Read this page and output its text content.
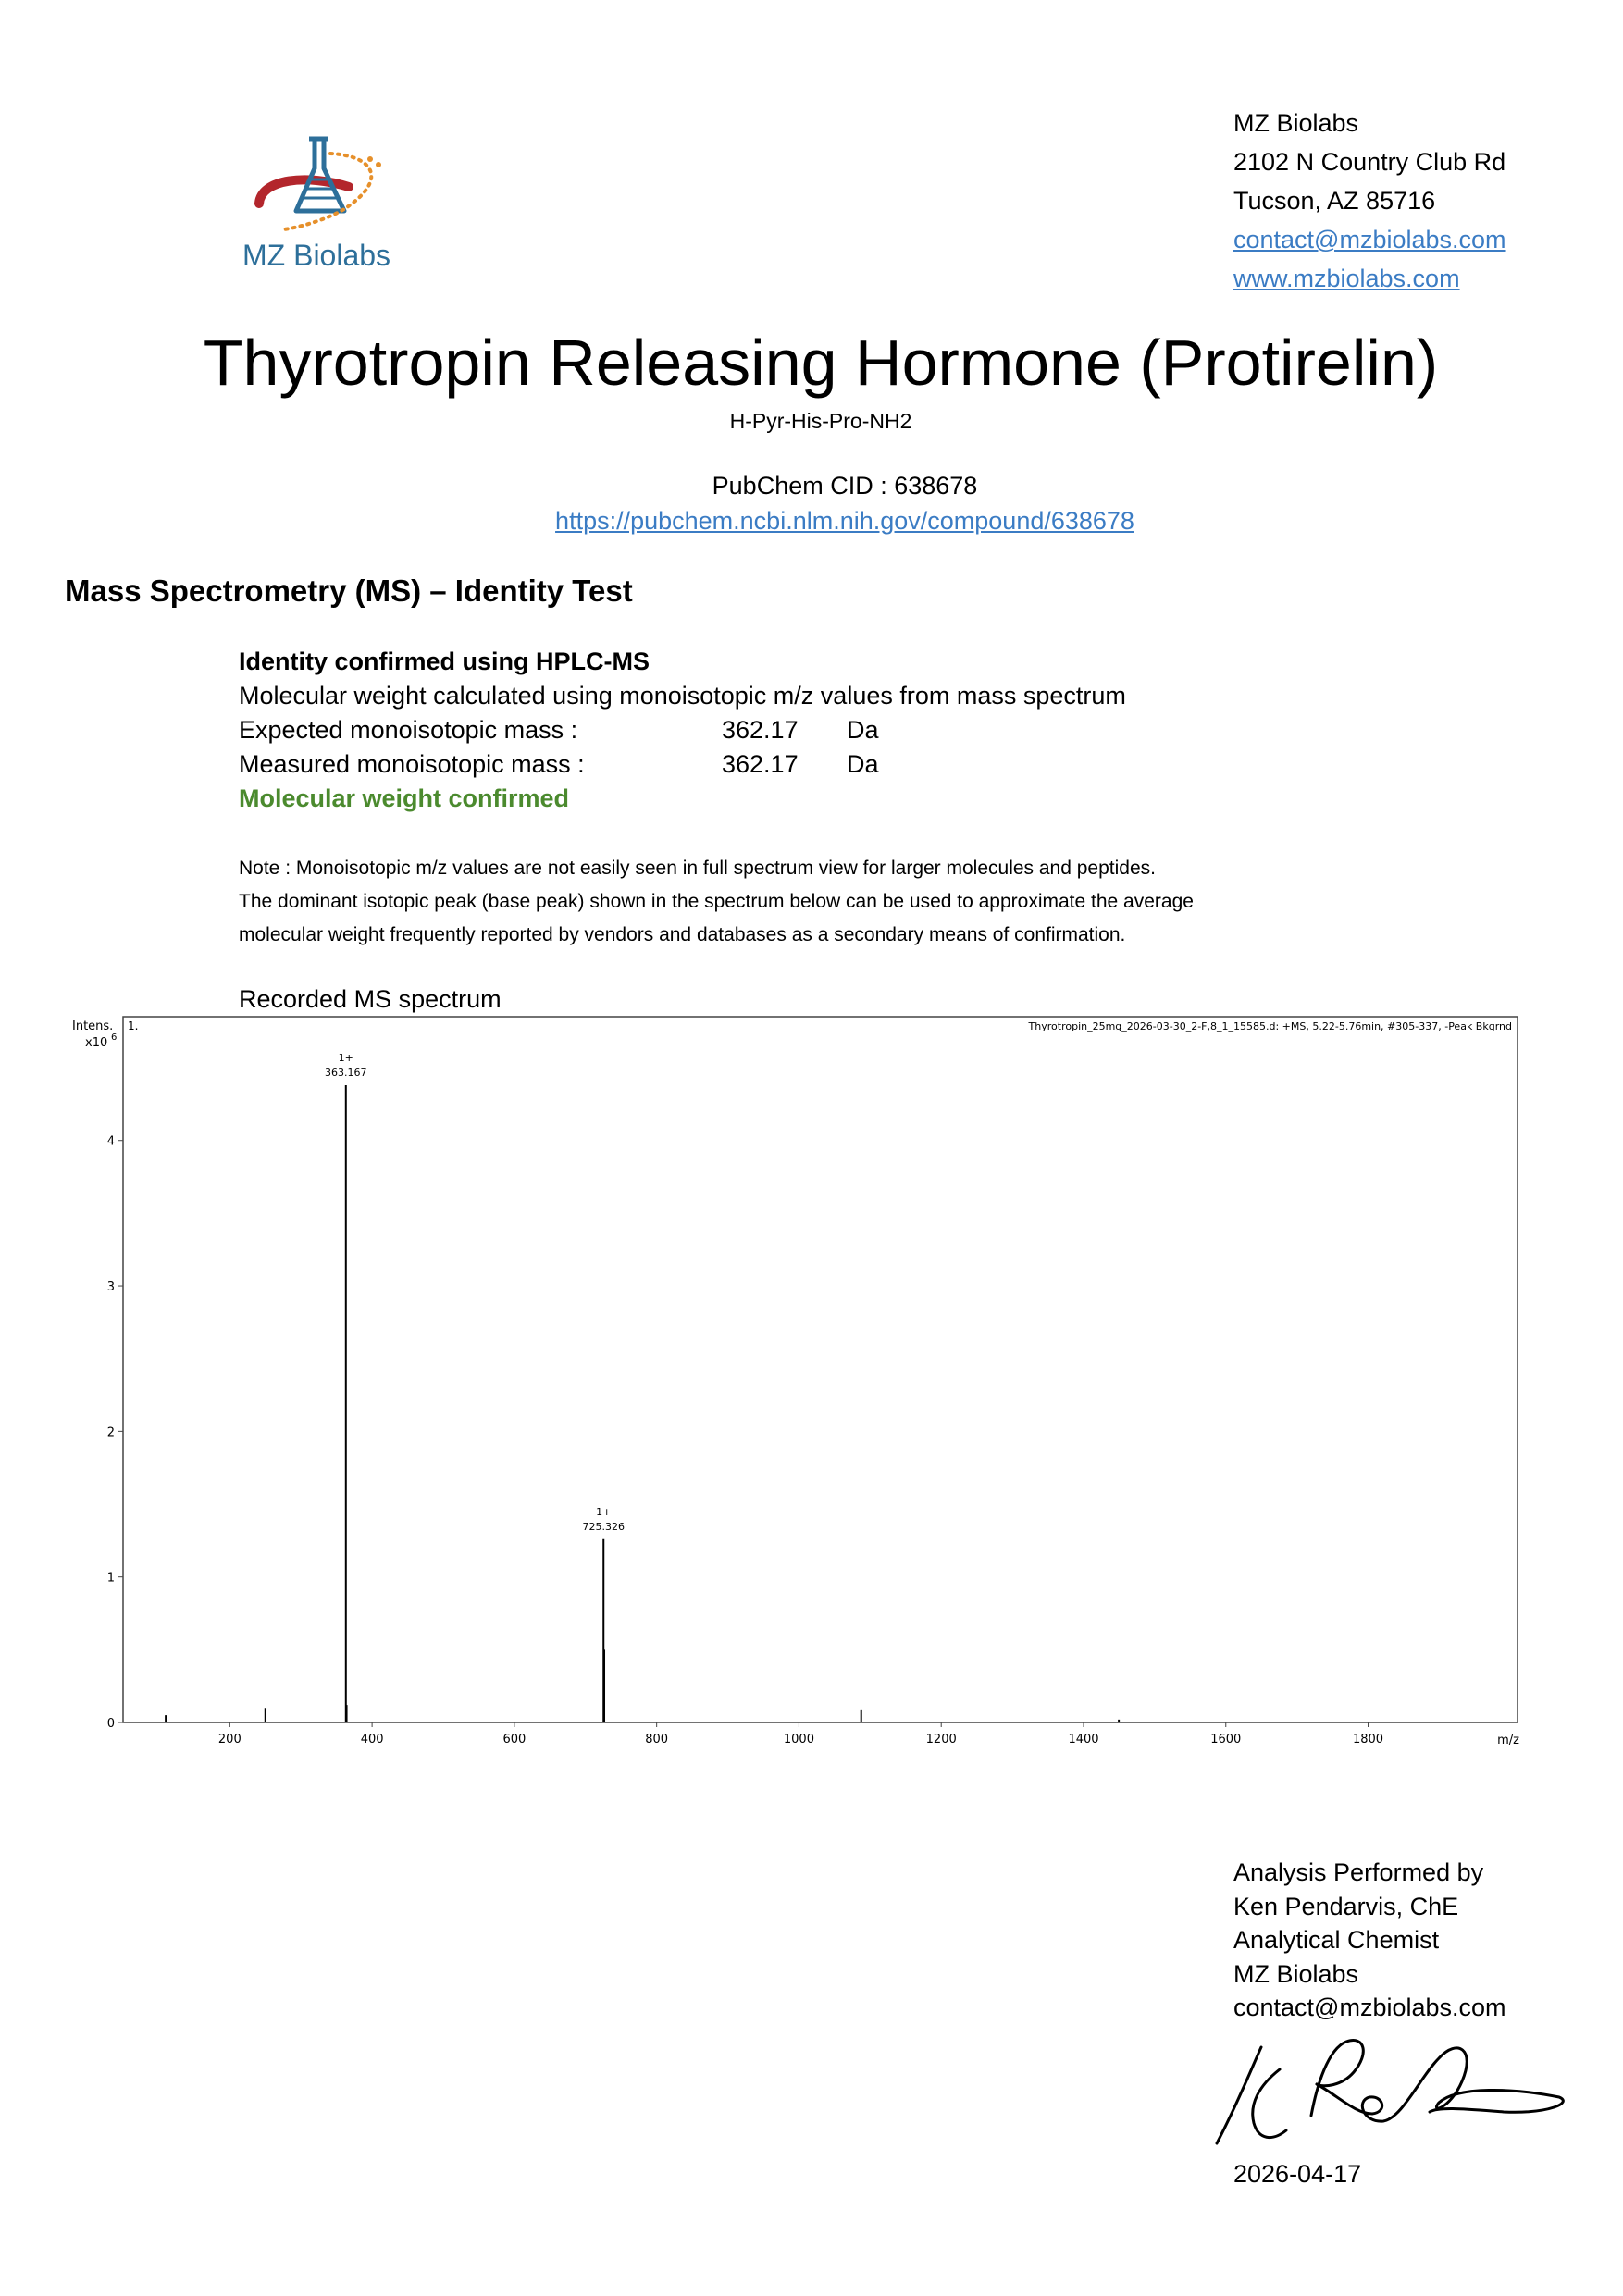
MZ Biolabs
MZ Biolabs
2102 N Country Club Rd
Tucson, AZ 85716
contact@mzbiolabs.com
www.mzbiolabs.com
Thyrotropin Releasing Hormone (Protirelin)
H-Pyr-His-Pro-NH2
PubChem CID : 638678
https://pubchem.ncbi.nlm.nih.gov/compound/638678
Mass Spectrometry (MS) – Identity Test
Identity confirmed using HPLC-MS
Molecular weight calculated using monoisotopic m/z values from mass spectrum
Expected monoisotopic mass :	362.17 Da
Measured monoisotopic mass :	362.17 Da
Molecular weight confirmed
Note : Monoisotopic m/z values are not easily seen in full spectrum view for larger molecules and peptides.
The dominant isotopic peak (base peak) shown in the spectrum below can be used to approximate the average
molecular weight frequently reported by vendors and databases as a secondary means of confirmation.
Recorded MS spectrum
Intens.
x10 6
1.	Thyrotropin_25mg_2026-03-30_2-F,8_1_15585.d: +MS, 5.22-5.76min, #305-337, -Peak Bkgrnd
m/z
200	400	600	800	1000	1200	1400	1600	1800
0
1
2
3
4
1+
363.167
1+
725.326
Analysis Performed by
Ken Pendarvis, ChE
Analytical Chemist
MZ Biolabs
contact@mzbiolabs.com
2026-04-17
